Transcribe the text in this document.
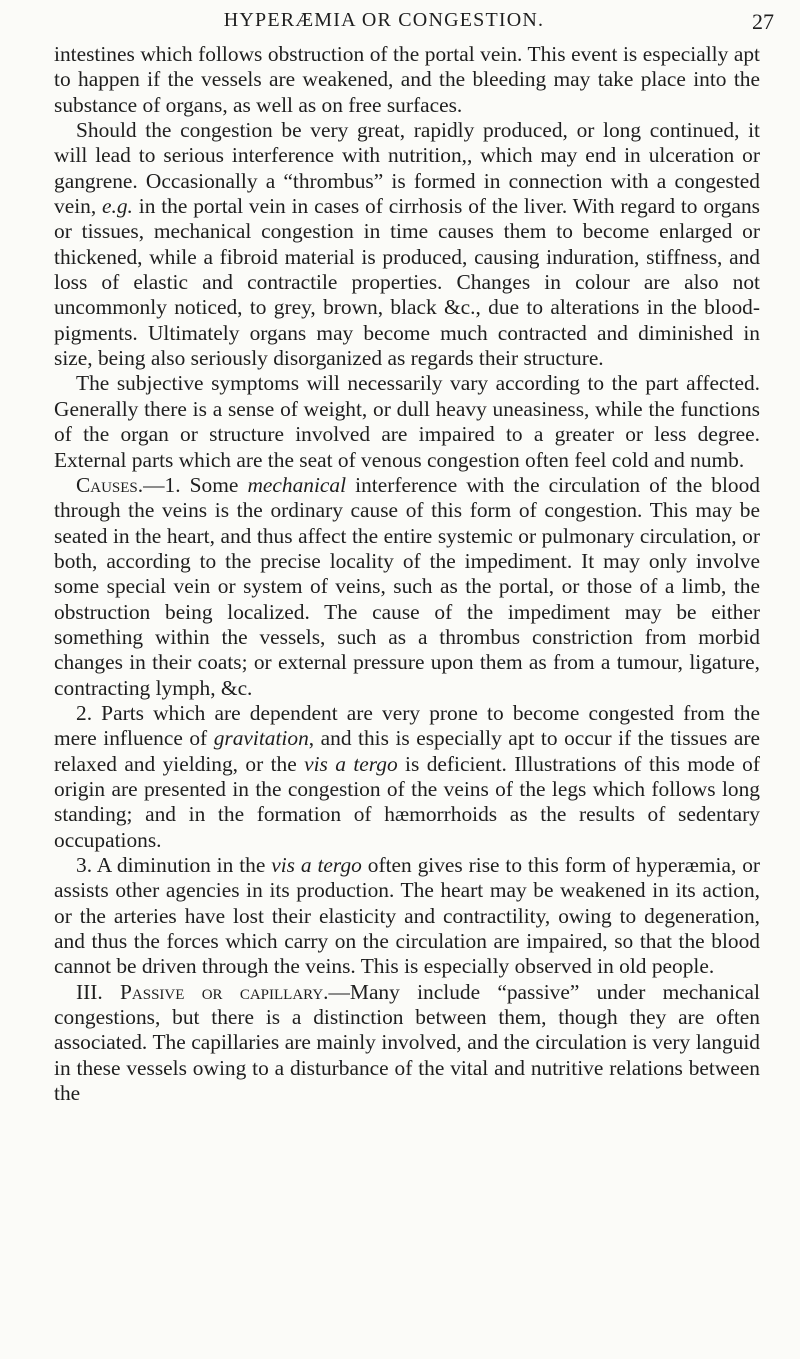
HYPERÆMIA OR CONGESTION.	27

intestines which follows obstruction of the portal vein. This event is especially apt to happen if the vessels are weakened, and the bleeding may take place into the substance of organs, as well as on free surfaces.

Should the congestion be very great, rapidly produced, or long continued, it will lead to serious interference with nutrition,, which may end in ulceration or gangrene. Occasionally a “thrombus” is formed in connection with a congested vein, e.g. in the portal vein in cases of cirrhosis of the liver. With regard to organs or tissues, mechanical congestion in time causes them to become enlarged or thickened, while a fibroid material is produced, causing induration, stiffness, and loss of elastic and contractile properties. Changes in colour are also not uncommonly noticed, to grey, brown, black &c., due to alterations in the blood-pigments. Ultimately organs may become much contracted and diminished in size, being also seriously disorganized as regards their structure.

The subjective symptoms will necessarily vary according to the part affected. Generally there is a sense of weight, or dull heavy uneasiness, while the functions of the organ or structure involved are impaired to a greater or less degree. External parts which are the seat of venous congestion often feel cold and numb.

Causes.—1. Some mechanical interference with the circulation of the blood through the veins is the ordinary cause of this form of congestion. This may be seated in the heart, and thus affect the entire systemic or pulmonary circulation, or both, according to the precise locality of the impediment. It may only involve some special vein or system of veins, such as the portal, or those of a limb, the obstruction being localized. The cause of the impediment may be either something within the vessels, such as a thrombus constriction from morbid changes in their coats; or external pressure upon them as from a tumour, ligature, contracting lymph, &c.

2. Parts which are dependent are very prone to become congested from the mere influence of gravitation, and this is especially apt to occur if the tissues are relaxed and yielding, or the vis a tergo is deficient. Illustrations of this mode of origin are presented in the congestion of the veins of the legs which follows long standing; and in the formation of hæmorrhoids as the results of sedentary occupations.

3. A diminution in the vis a tergo often gives rise to this form of hyperæmia, or assists other agencies in its production. The heart may be weakened in its action, or the arteries have lost their elasticity and contractility, owing to degeneration, and thus the forces which carry on the circulation are impaired, so that the blood cannot be driven through the veins. This is especially observed in old people.

III. Passive or capillary.—Many include “passive” under mechanical congestions, but there is a distinction between them, though they are often associated. The capillaries are mainly involved, and the circulation is very languid in these vessels owing to a disturbance of the vital and nutritive relations between the
